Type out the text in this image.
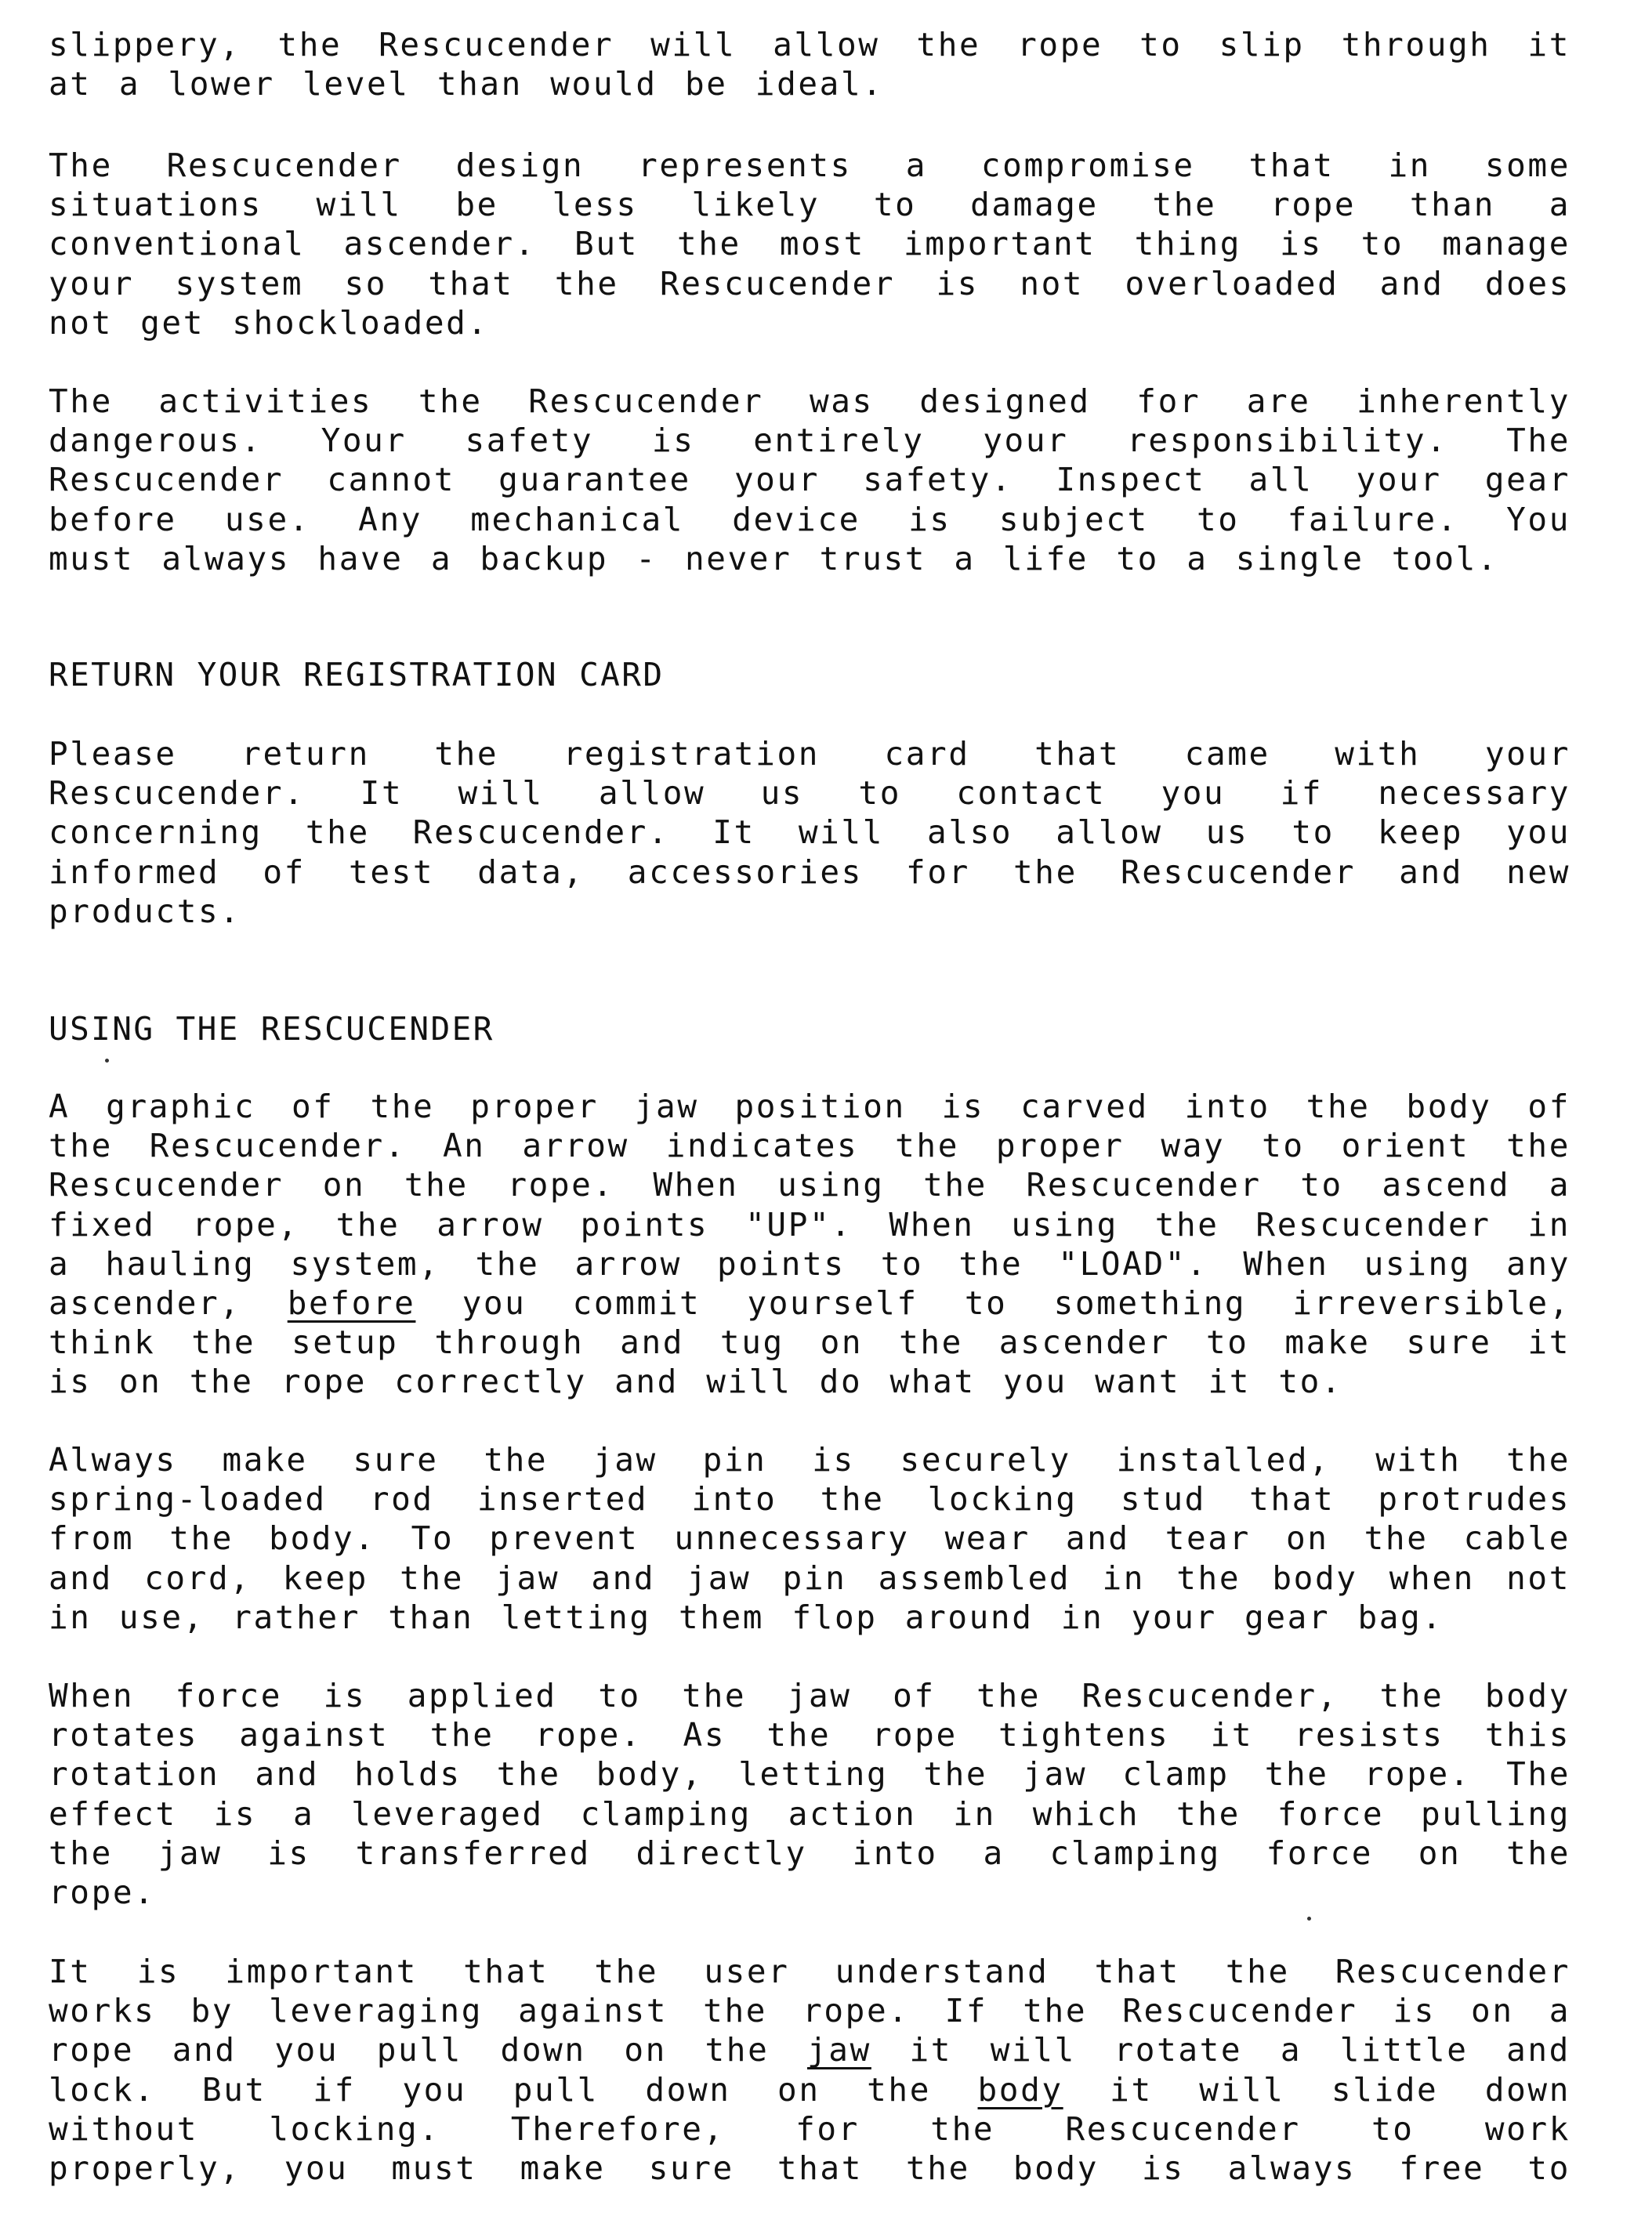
slippery, the Rescucender will allow the rope to slip through it
at a lower level than would be ideal.
The Rescucender design represents a compromise that in some
situations will be less likely to damage the rope than a
conventional ascender. But the most important thing is to manage
your system so that the Rescucender is not overloaded and does
not get shockloaded.
The activities the Rescucender was designed for are inherently
dangerous. Your safety is entirely your responsibility. The
Rescucender cannot guarantee your safety. Inspect all your gear
before use. Any mechanical device is subject to failure. You
must always have a backup - never trust a life to a single tool.
RETURN YOUR REGISTRATION CARD
Please return the registration card that came with your
Rescucender. It will allow us to contact you if necessary
concerning the Rescucender. It will also allow us to keep you
informed of test data, accessories for the Rescucender and new
products.
USING THE RESCUCENDER
A graphic of the proper jaw position is carved into the body of
the Rescucender. An arrow indicates the proper way to orient the
Rescucender on the rope. When using the Rescucender to ascend a
fixed rope, the arrow points "UP". When using the Rescucender in
a hauling system, the arrow points to the "LOAD". When using any
ascender, before you commit yourself to something irreversible,
think the setup through and tug on the ascender to make sure it
is on the rope correctly and will do what you want it to.
Always make sure the jaw pin is securely installed, with the
spring-loaded rod inserted into the locking stud that protrudes
from the body. To prevent unnecessary wear and tear on the cable
and cord, keep the jaw and jaw pin assembled in the body when not
in use, rather than letting them flop around in your gear bag.
When force is applied to the jaw of the Rescucender, the body
rotates against the rope. As the rope tightens it resists this
rotation and holds the body, letting the jaw clamp the rope. The
effect is a leveraged clamping action in which the force pulling
the jaw is transferred directly into a clamping force on the
rope.
It is important that the user understand that the Rescucender
works by leveraging against the rope. If the Rescucender is on a
rope and you pull down on the jaw it will rotate a little and
lock. But if you pull down on the body it will slide down
without locking. Therefore, for the Rescucender to work
properly, you must make sure that the body is always free to
